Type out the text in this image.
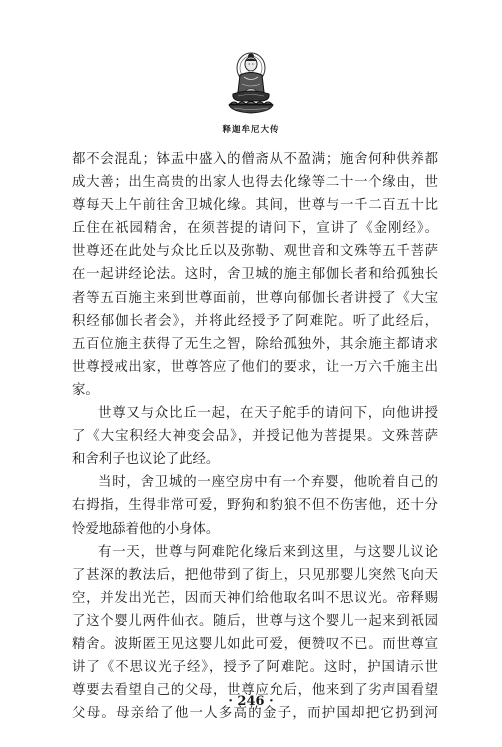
释迦牟尼大传
都不会混乱；钵盂中盛入的僧斋从不盈满；施舍何种供养都
成大善；出生高贵的出家人也得去化缘等二十一个缘由，世
尊每天上午前往舍卫城化缘。其间，世尊与一千二百五十比
丘住在祇园精舍，在须菩提的请问下，宣讲了《金刚经》。
世尊还在此处与众比丘以及弥勒、观世音和文殊等五千菩萨
在一起讲经论法。这时，舍卫城的施主郁伽长者和给孤独长
者等五百施主来到世尊面前，世尊向郁伽长者讲授了《大宝
积经郁伽长者会》，并将此经授予了阿难陀。听了此经后，
五百位施主获得了无生之智，除给孤独外，其余施主都请求
世尊授戒出家，世尊答应了他们的要求，让一万六千施主出
家。
世尊又与众比丘一起，在天子舵手的请问下，向他讲授
了《大宝积经大神变会品》，并授记他为菩提果。文殊菩萨
和舍利子也议论了此经。
当时，舍卫城的一座空房中有一个弃婴，他吮着自己的
右拇指，生得非常可爱，野狗和豹狼不但不伤害他，还十分
怜爱地舔着他的小身体。
有一天，世尊与阿难陀化缘后来到这里，与这婴儿议论
了甚深的教法后，把他带到了街上，只见那婴儿突然飞向天
空，并发出光芒，因而天神们给他取名叫不思议光。帝释赐
了这个婴儿两件仙衣。随后，世尊与这个婴儿一起来到祇园
精舍。波斯匿王见这婴儿如此可爱，便赞叹不已。而世尊宣
讲了《不思议光子经》，授予了阿难陀。这时，护国请示世
尊要去看望自己的父母，世尊应允后，他来到了劣声国看望
父母。母亲给了他一人多高的金子，而护国却把它扔到河
· 246 ·
